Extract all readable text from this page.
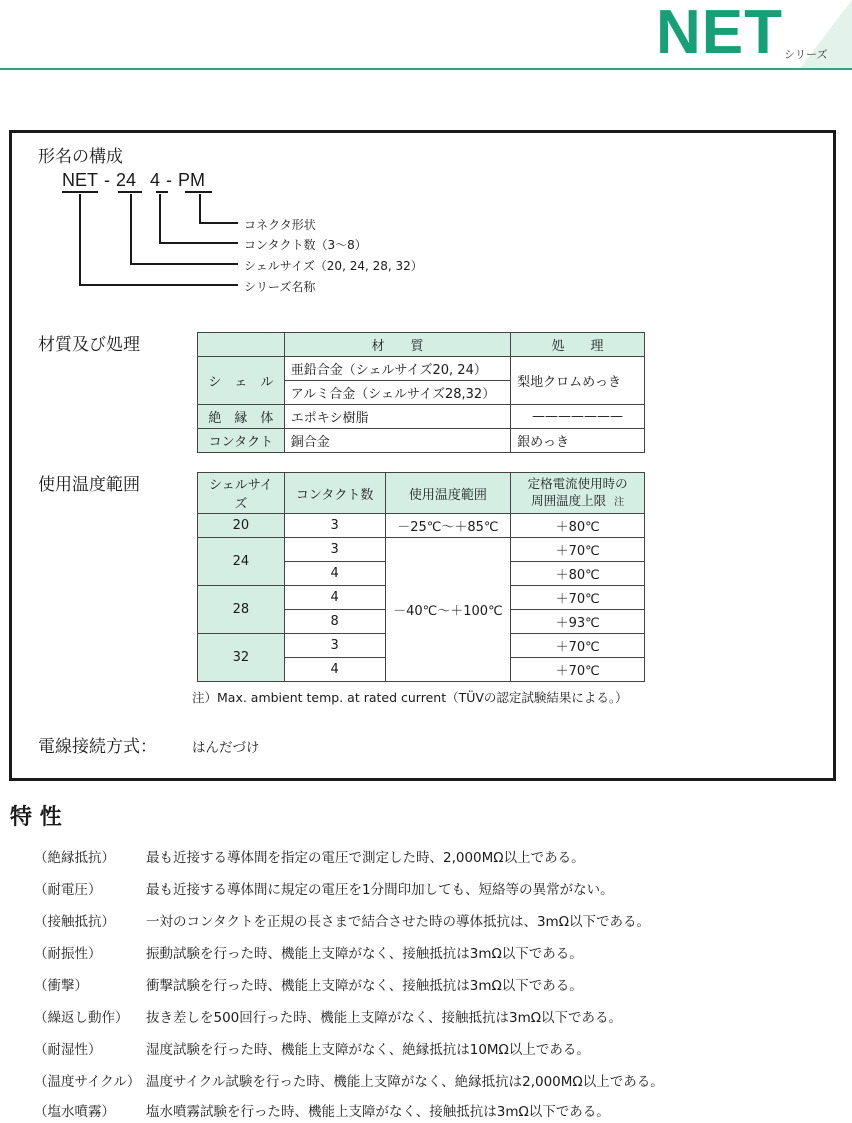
NET シリーズ
形名の構成
NET - 24 4 - PM
コネクタ形状
コンタクト数（3～8）
シェルサイズ（20, 24, 28, 32）
シリーズ名称
材質及び処理
		材　　質	処　　理
シ　ェ　ル	亜鉛合金（シェルサイズ20, 24）	梨地クロムめっき
	アルミ合金（シェルサイズ28,32）	
絶　縁　体	エポキシ樹脂	———————
コンタクト	銅合金	銀めっき
使用温度範囲	シェルサイズ	コンタクト数	使用温度範囲	定格電流使用時の
周囲温度上限 注

20	3	－25℃～＋85℃	＋80℃
24	3	－40℃～＋100℃	＋70℃
	4		＋80℃
28	4		＋70℃
	8		＋93℃
32	3		＋70℃
	4		＋70℃
注）Max. ambient temp. at rated current（TÜVの認定試験結果による。）
電線接続方式：	はんだづけ
特 性
（絶縁抵抗） 最も近接する導体間を指定の電圧で測定した時、2,000MΩ以上である。
（耐電圧）	最も近接する導体間に規定の電圧を1分間印加しても、短絡等の異常がない。
（接触抵抗） 一対のコンタクトを正規の長さまで結合させた時の導体抵抗は、3mΩ以下である。
（耐振性）	振動試験を行った時、機能上支障がなく、接触抵抗は3mΩ以下である。
（衝撃）	衝撃試験を行った時、機能上支障がなく、接触抵抗は3mΩ以下である。
（繰返し動作） 抜き差しを500回行った時、機能上支障がなく、接触抵抗は3mΩ以下である。
（耐湿性）	湿度試験を行った時、機能上支障がなく、絶縁抵抗は10MΩ以上である。
（温度サイクル） 温度サイクル試験を行った時、機能上支障がなく、絶縁抵抗は2,000MΩ以上である。
（塩水噴霧） 塩水噴霧試験を行った時、機能上支障がなく、接触抵抗は3mΩ以下である。
